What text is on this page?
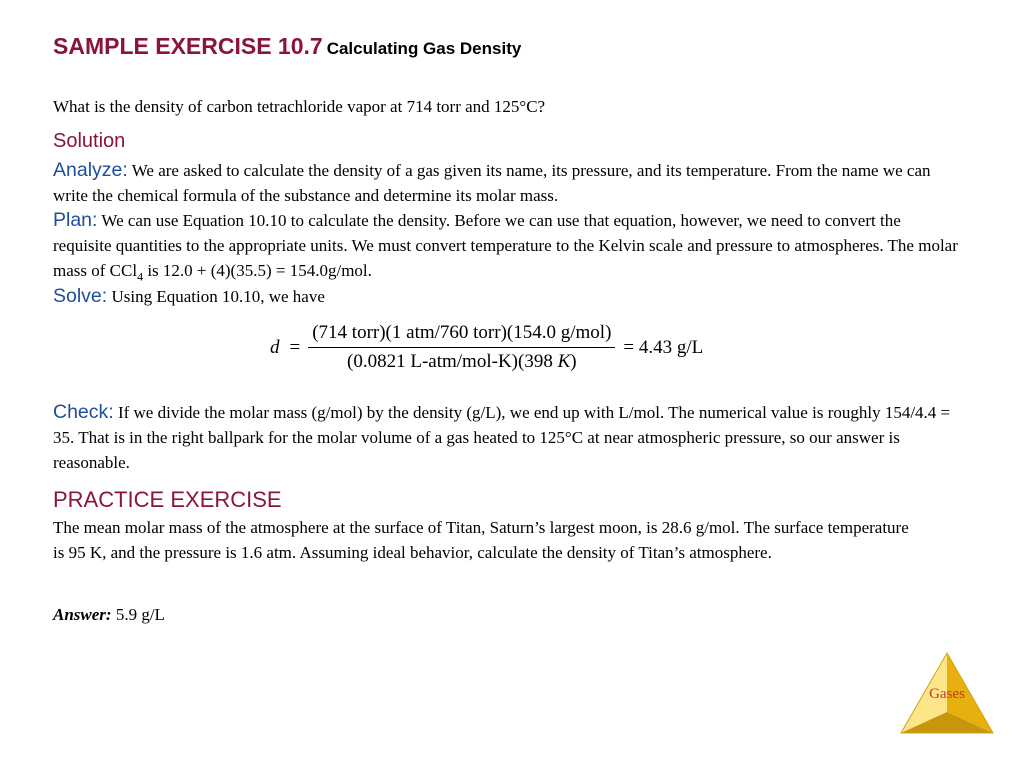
SAMPLE EXERCISE 10.7 Calculating Gas Density
What is the density of carbon tetrachloride vapor at 714 torr and 125°C?
Solution
Analyze: We are asked to calculate the density of a gas given its name, its pressure, and its temperature. From the name we can write the chemical formula of the substance and determine its molar mass.
Plan: We can use Equation 10.10 to calculate the density. Before we can use that equation, however, we need to convert the requisite quantities to the appropriate units. We must convert temperature to the Kelvin scale and pressure to atmospheres. The molar mass of CCl$_4$ is 12.0 + (4)(35.5) = 154.0g/mol.
Solve: Using Equation 10.10, we have
$d = \frac{\text{(714 torr)(1 atm/760 torr)(154.0 g/mol)}}{\text{(0.0821 L-atm/mol-K)(398 K)}} = 4.43$ g/L
Check: If we divide the molar mass (g/mol) by the density (g/L), we end up with L/mol. The numerical value is roughly 154/4.4 = 35. That is in the right ballpark for the molar volume of a gas heated to 125°C at near atmospheric pressure, so our answer is reasonable.
PRACTICE EXERCISE
The mean molar mass of the atmosphere at the surface of Titan, Saturn’s largest moon, is 28.6 g/mol. The surface temperature is 95 K, and the pressure is 1.6 atm. Assuming ideal behavior, calculate the density of Titan’s atmosphere.
Answer: 5.9 g/L
Gases
